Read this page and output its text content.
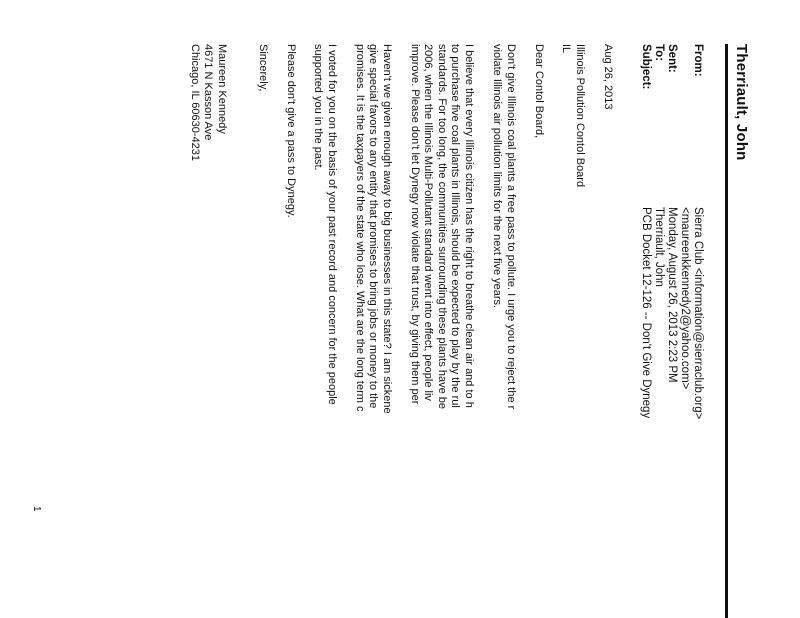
Therriault, John
From:
Sent:
To:
Subject:
Sierra Club <information@sierraclub.org>
<maureenkkennedy2@yahoo.com>
Monday, August 26, 2013 2:23 PM
Therriault, John
PCB Docket 12-126 -- Don't Give Dynegy
Aug 26, 2013
Illinois Pollution Contol Board
IL
Dear Contol Board,
Don't give Illinois coal plants a free pass to pollute. I urge you to reject the r
violate Illinois air pollution limits for the next five years.
I believe that every Illinois citizen has the right to breathe clean air and to h
to purchase five coal plants in Illinois, should be expected to play by the rul
standards. For too long, the communities surrounding these plants have be
2006, when the Illinois Multi-Pollutant standard went into effect, people liv
improve. Please don't let Dynegy now violate that trust, by giving them per
Haven't we given enough away to big businesses in this state? I am sickene
give special favors to any entity that promises to bring jobs or money to the
promises. It is the taxpayers of the state who lose. What are the long term c
I voted for you on the basis of your past record and concern for the people
supported you in the past.
Please don't give a pass to Dynegy.
Sincerely,
Maureen Kennedy
4671 N Kasson Ave
Chicago, IL 60630-4231
1
